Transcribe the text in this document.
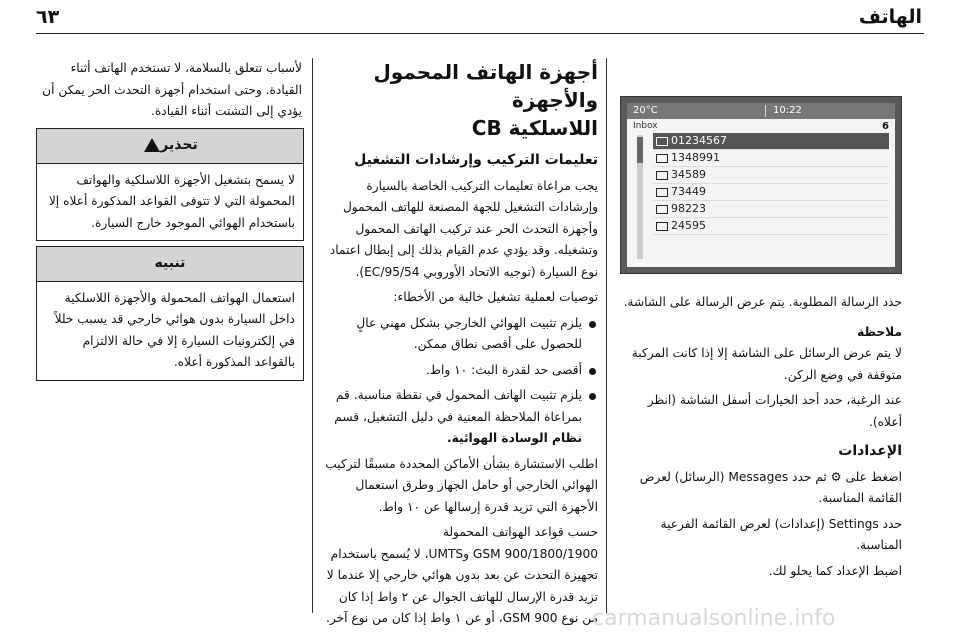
٦٣	الهاتف
20°C	10:22
Inbox	6
01234567
1348991
34589
73449
98223
24595

حدد الرسالة المطلوبة. يتم عرض الرسالة على الشاشة.

ملاحظة

لا يتم عرض الرسائل على الشاشة إلا إذا كانت المركبة متوقفة في وضع الركن.

عند الرغبة، حدد أحد الخيارات أسفل الشاشة (انظر أعلاه).

الإعدادات

اضغط على ⚙ ثم حدد Messages (الرسائل) لعرض القائمة المناسبة.

حدد Settings (إعدادات) لعرض القائمة الفرعية المناسبة.

اضبط الإعداد كما يحلو لك.

أجهزة الهاتف المحمول والأجهزة
اللاسلكية CB
تعليمات التركيب وإرشادات التشغيل

يجب مراعاة تعليمات التركيب الخاصة بالسيارة وإرشادات التشغيل للجهة المصنعة للهاتف المحمول وأجهزة التحدث الحر عند تركيب الهاتف المحمول وتشغيله. وقد يؤدي عدم القيام بذلك إلى إبطال اعتماد نوع السيارة (توجيه الاتحاد الأوروبي 95/54/EC).

توصيات لعملية تشغيل خالية من الأخطاء:

يلزم تثبيت الهوائي الخارجي بشكل مهني عالٍ للحصول على أقصى نطاق ممكن.

أقصى حد لقدرة البث: ١٠ واط.

يلزم تثبيت الهاتف المحمول في نقطة مناسبة. قم بمراعاة الملاحظة المعنية في دليل التشغيل، قسم نظام الوسادة الهوائية.

اطلب الاستشارة بشأن الأماكن المحددة مسبقًا لتركيب الهوائي الخارجي أو حامل الجهاز وطرق استعمال الأجهزة التي تزيد قدرة إرسالها عن ١٠ واط.

حسب قواعد الهواتف المحمولة

GSM 900/1800/1900 وUMTS، لا يُسمح باستخدام تجهيزة التحدث عن بعد بدون هوائي خارجي إلا عندما لا تزيد قدرة الإرسال للهاتف الجوال عن ٢ واط إذا كان من نوع GSM 900، أو عن ١ واط إذا كان من نوع آخر.

لأسباب تتعلق بالسلامة، لا تستخدم الهاتف أثناء القيادة. وحتى استخدام أجهزة التحدث الحر يمكن أن يؤدي إلى التشتت أثناء القيادة.

تحذير
لا يسمح بتشغيل الأجهزة اللاسلكية والهواتف المحمولة التي لا تتوفى القواعد المذكورة أعلاه إلا باستخدام الهوائي الموجود خارج السيارة.
تنبيه
استعمال الهواتف المحمولة والأجهزة اللاسلكية داخل السيارة بدون هوائي خارجي قد يسبب خللاً في إلكترونيات السيارة إلا في حالة الالتزام بالقواعد المذكورة أعلاه.
carmanualsonline.info
